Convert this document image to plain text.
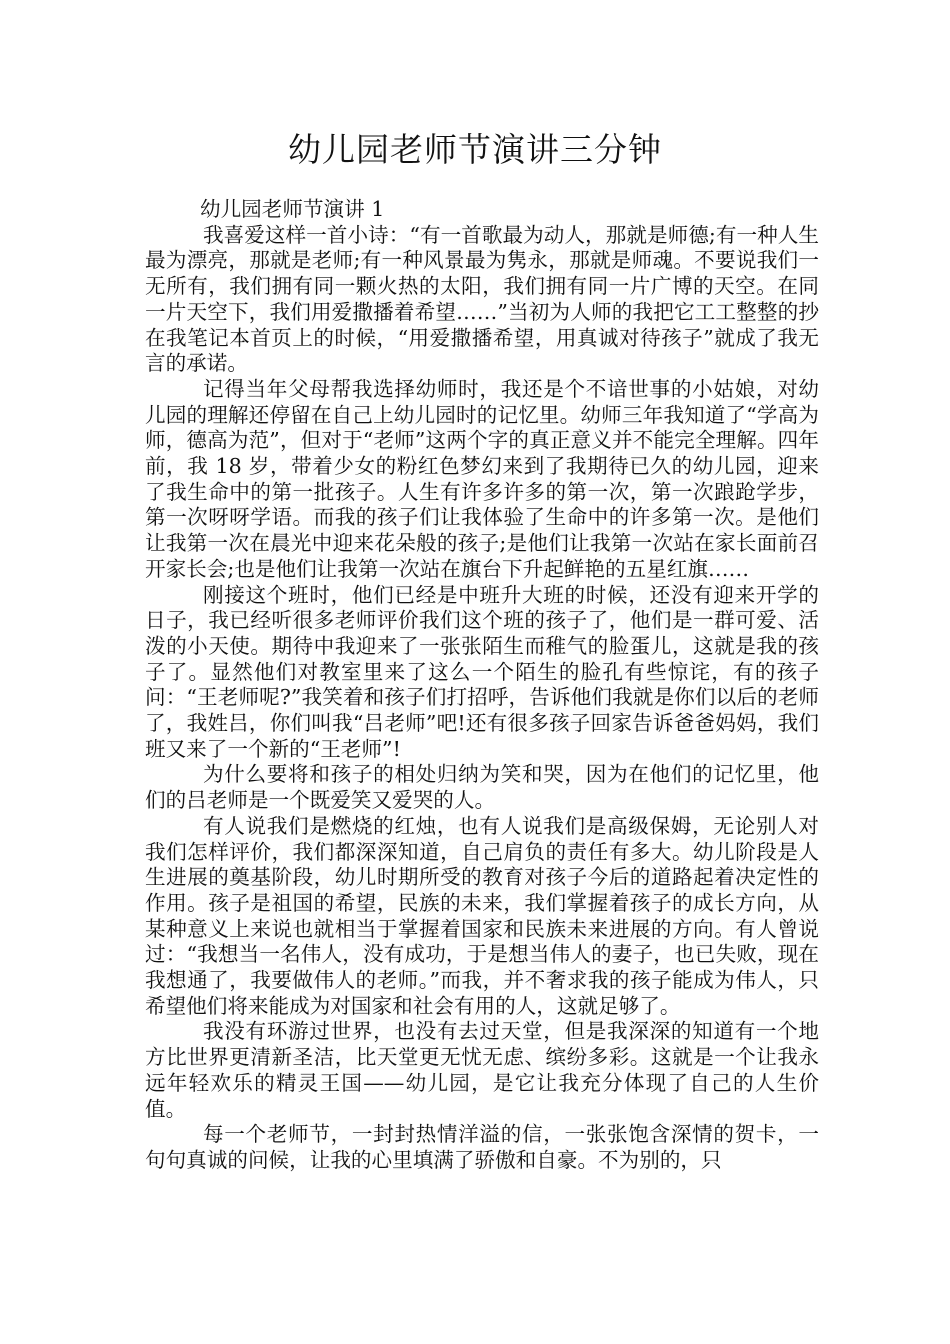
幼儿园老师节演讲三分钟

幼儿园老师节演讲 1

我喜爱这样一首小诗：“有一首歌最为动人，那就是师德;有一种人生最为漂亮，那就是老师;有一种风景最为隽永，那就是师魂。不要说我们一无所有，我们拥有同一颗火热的太阳，我们拥有同一片广博的天空。在同一片天空下，我们用爱撒播着希望……”当初为人师的我把它工工整整的抄在我笔记本首页上的时候，“用爱撒播希望，用真诚对待孩子”就成了我无言的承诺。

记得当年父母帮我选择幼师时，我还是个不谙世事的小姑娘，对幼儿园的理解还停留在自己上幼儿园时的记忆里。幼师三年我知道了“学高为师，德高为范”，但对于“老师”这两个字的真正意义并不能完全理解。四年前，我 18 岁，带着少女的粉红色梦幻来到了我期待已久的幼儿园，迎来了我生命中的第一批孩子。人生有许多许多的第一次，第一次踉跄学步，第一次呀呀学语。而我的孩子们让我体验了生命中的许多第一次。是他们让我第一次在晨光中迎来花朵般的孩子;是他们让我第一次站在家长面前召开家长会;也是他们让我第一次站在旗台下升起鲜艳的五星红旗……

刚接这个班时，他们已经是中班升大班的时候，还没有迎来开学的日子，我已经听很多老师评价我们这个班的孩子了，他们是一群可爱、活泼的小天使。期待中我迎来了一张张陌生而稚气的脸蛋儿，这就是我的孩子了。显然他们对教室里来了这么一个陌生的脸孔有些惊诧，有的孩子问：“王老师呢?”我笑着和孩子们打招呼，告诉他们我就是你们以后的老师了，我姓吕，你们叫我“吕老师”吧!还有很多孩子回家告诉爸爸妈妈，我们班又来了一个新的“王老师”!

为什么要将和孩子的相处归纳为笑和哭，因为在他们的记忆里，他们的吕老师是一个既爱笑又爱哭的人。

有人说我们是燃烧的红烛，也有人说我们是高级保姆，无论别人对我们怎样评价，我们都深深知道，自己肩负的责任有多大。幼儿阶段是人生进展的奠基阶段，幼儿时期所受的教育对孩子今后的道路起着决定性的作用。孩子是祖国的希望，民族的未来，我们掌握着孩子的成长方向，从某种意义上来说也就相当于掌握着国家和民族未来进展的方向。有人曾说过：“我想当一名伟人，没有成功，于是想当伟人的妻子，也已失败，现在我想通了，我要做伟人的老师。”而我，并不奢求我的孩子能成为伟人，只希望他们将来能成为对国家和社会有用的人，这就足够了。

我没有环游过世界，也没有去过天堂，但是我深深的知道有一个地方比世界更清新圣洁，比天堂更无忧无虑、缤纷多彩。这就是一个让我永远年轻欢乐的精灵王国——幼儿园，是它让我充分体现了自己的人生价值。

每一个老师节，一封封热情洋溢的信，一张张饱含深情的贺卡，一句句真诚的问候，让我的心里填满了骄傲和自豪。不为别的，只
